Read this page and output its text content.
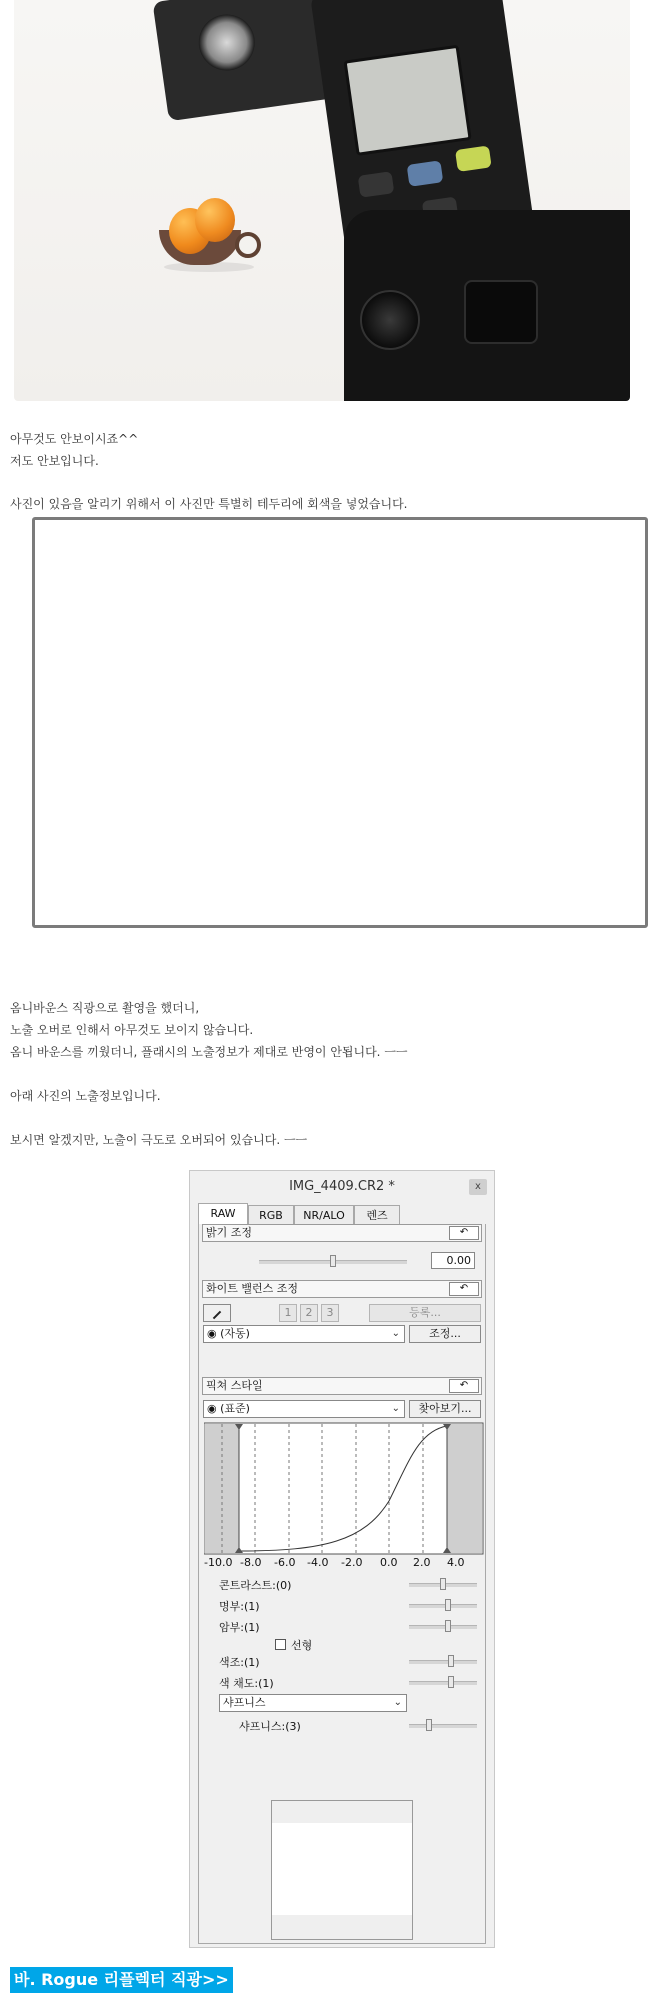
아무것도 안보이시죠^^
저도 안보입니다.
사진이 있음을 알리기 위해서 이 사진만 특별히 테두리에 회색을 넣었습니다.
옴니바운스 직광으로 촬영을 했더니,
노출 오버로 인해서 아무것도 보이지 않습니다.
옴니 바운스를 끼웠더니, 플래시의 노출정보가 제대로 반영이 안됩니다. ㅡㅡ
아래 사진의 노출정보입니다.
보시면 알겠지만, 노출이 극도로 오버되어 있습니다. ㅡㅡ
IMG_4409.CR2 *	x
RAW	RGB	NR/ALO	렌즈
밝기 조정	↶
0.00
화이트 밸런스 조정	↶
1	2	3	등록...
◉ (자동)	⌄	조정...
픽쳐 스타일	↶
◉ (표준)	⌄	찾아보기...
-10.0 -8.0 -6.0 -4.0 -2.0 0.0 2.0 4.0
콘트라스트:(0)
명부:(1)
암부:(1)
선형
색조:(1)
색 채도:(1)
샤프니스	⌄
샤프니스:(3)
바. Rogue 리플렉터 직광>>
